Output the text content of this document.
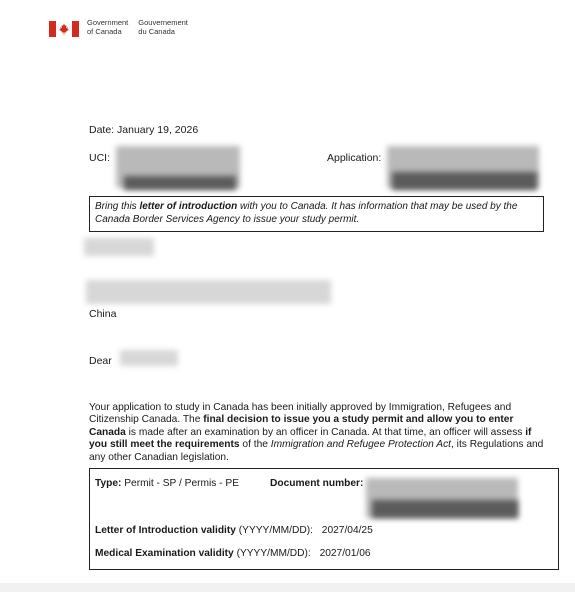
Government
of Canada
Gouvernement
du Canada
Date: January 19, 2026
UCI:	Application:
Bring this letter of introduction with you to Canada. It has information that may be used by the Canada Border Services Agency to issue your study permit.
China
Dear
Your application to study in Canada has been initially approved by Immigration, Refugees and Citizenship Canada. The final decision to issue you a study permit and allow you to enter Canada is made after an examination by an officer in Canada. At that time, an officer will assess if you still meet the requirements of the Immigration and Refugee Protection Act, its Regulations and any other Canadian legislation.
Type: Permit - SP / Permis - PE	Document number:
Letter of Introduction validity (YYYY/MM/DD): 2027/04/25
Medical Examination validity (YYYY/MM/DD): 2027/01/06
